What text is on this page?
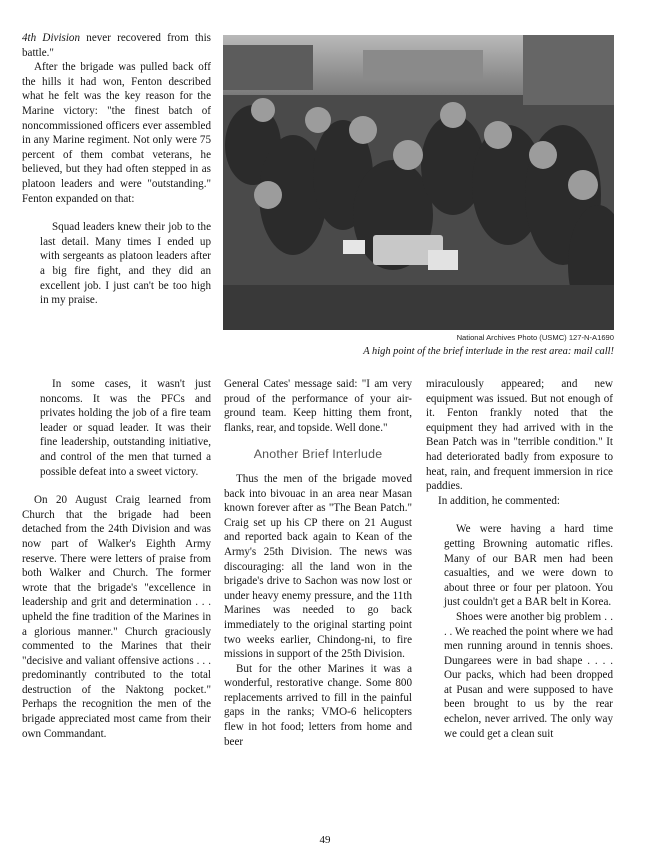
4th Division never recovered from this battle."

After the brigade was pulled back off the hills it had won, Fenton described what he felt was the key reason for the Marine victory: "the finest batch of noncommissioned officers ever assembled in any Marine regiment. Not only were 75 percent of them combat veterans, he believed, but they had often stepped in as platoon leaders and were "outstanding." Fenton expanded on that:

Squad leaders knew their job to the last detail. Many times I ended up with sergeants as platoon leaders after a big fire fight, and they did an excellent job. I just can't be too high in my praise.

National Archives Photo (USMC) 127-N-A1690
A high point of the brief interlude in the rest area: mail call!

In some cases, it wasn't just noncoms. It was the PFCs and privates holding the job of a fire team leader or squad leader. It was their fine leadership, outstanding initiative, and control of the men that turned a possible defeat into a sweet victory.

On 20 August Craig learned from Church that the brigade had been detached from the 24th Division and was now part of Walker's Eighth Army reserve. There were letters of praise from both Walker and Church. The former wrote that the brigade's "excellence in leadership and grit and determination . . . upheld the fine tradition of the Marines in a glorious manner." Church graciously commented to the Marines that their "decisive and valiant offensive actions . . . predominantly contributed to the total destruction of the Naktong pocket." Perhaps the recognition the men of the brigade appreciated most came from their own Commandant.

General Cates' message said: "I am very proud of the performance of your air-ground team. Keep hitting them front, flanks, rear, and topside. Well done."

Another Brief Interlude

Thus the men of the brigade moved back into bivouac in an area near Masan known forever after as "The Bean Patch." Craig set up his CP there on 21 August and reported back again to Kean of the Army's 25th Division. The news was discouraging: all the land won in the brigade's drive to Sachon was now lost or under heavy enemy pressure, and the 11th Marines was needed to go back immediately to the original starting point two weeks earlier, Chindong-ni, to fire missions in support of the 25th Division.

But for the other Marines it was a wonderful, restorative change. Some 800 replacements arrived to fill in the painful gaps in the ranks; VMO-6 helicopters flew in hot food; letters from home and beer

miraculously appeared; and new equipment was issued. But not enough of it. Fenton frankly noted that the equipment they had arrived with in the Bean Patch was in "terrible condition." It had deteriorated badly from exposure to heat, rain, and frequent immersion in rice paddies.

In addition, he commented:

We were having a hard time getting Browning automatic rifles. Many of our BAR men had been casualties, and we were down to about three or four per platoon. You just couldn't get a BAR belt in Korea.

Shoes were another big problem . . . . We reached the point where we had men running around in tennis shoes. Dungarees were in bad shape . . . . Our packs, which had been dropped at Pusan and were supposed to have been brought to us by the rear echelon, never arrived. The only way we could get a clean suit

49
